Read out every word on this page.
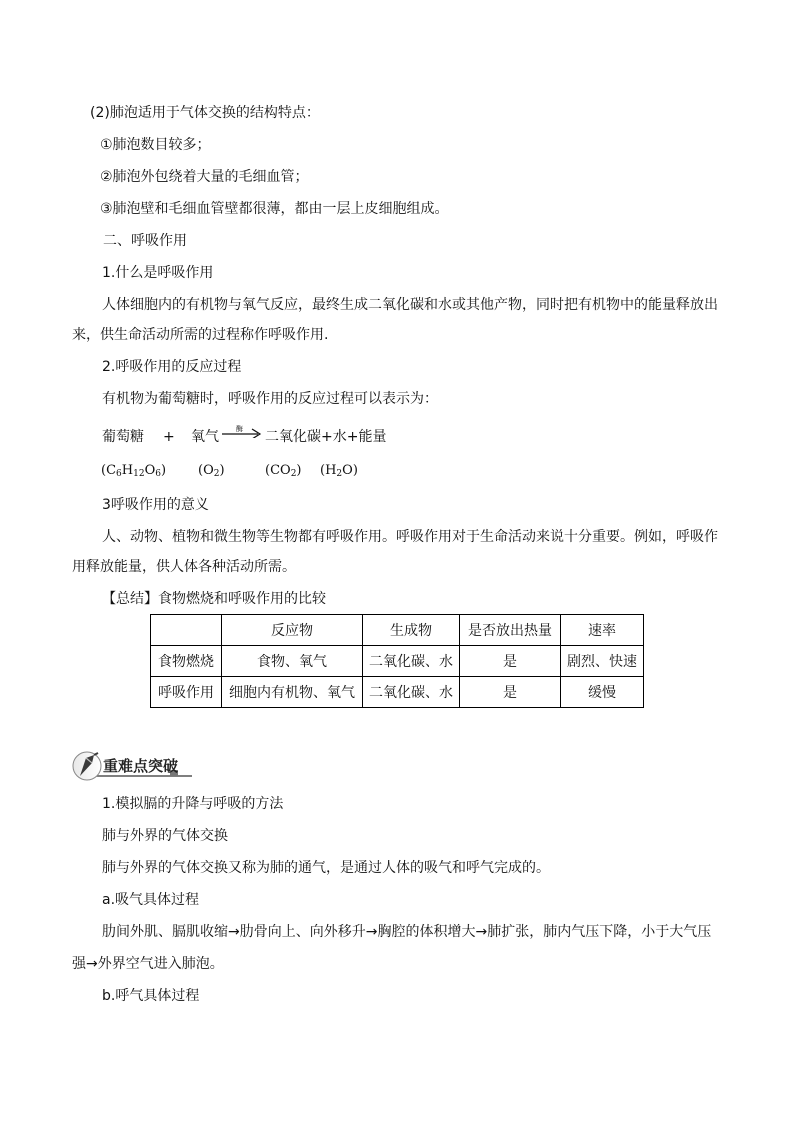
(2)肺泡适用于气体交换的结构特点：
①肺泡数目较多；
②肺泡外包绕着大量的毛细血管；
③肺泡壁和毛细血管壁都很薄，都由一层上皮细胞组成。
二、呼吸作用
1.什么是呼吸作用
人体细胞内的有机物与氧气反应，最终生成二氧化碳和水或其他产物，同时把有机物中的能量释放出
来，供生命活动所需的过程称作呼吸作用.
2.呼吸作用的反应过程
有机物为葡萄糖时，呼吸作用的反应过程可以表示为：
葡萄糖 + 氧气 酶 二氧化碳+水+能量
$(C_6H_{12}O_6)$ $(O_2)$	$(CO_2)$ $(H_2O)$
3呼吸作用的意义
人、动物、植物和微生物等生物都有呼吸作用。呼吸作用对于生命活动来说十分重要。例如，呼吸作
用释放能量，供人体各种活动所需。
【总结】食物燃烧和呼吸作用的比较
	反应物	生成物	是否放出热量	速率
食物燃烧	食物、氧气	二氧化碳、水	是	剧烈、快速
呼吸作用	细胞内有机物、氧气	二氧化碳、水	是	缓慢
重难点突破
1.模拟膈的升降与呼吸的方法
肺与外界的气体交换
肺与外界的气体交换又称为肺的通气，是通过人体的吸气和呼气完成的。
a.吸气具体过程
肋间外肌、膈肌收缩→肋骨向上、向外移升→胸腔的体积增大→肺扩张，肺内气压下降，小于大气压
强→外界空气进入肺泡。
b.呼气具体过程
